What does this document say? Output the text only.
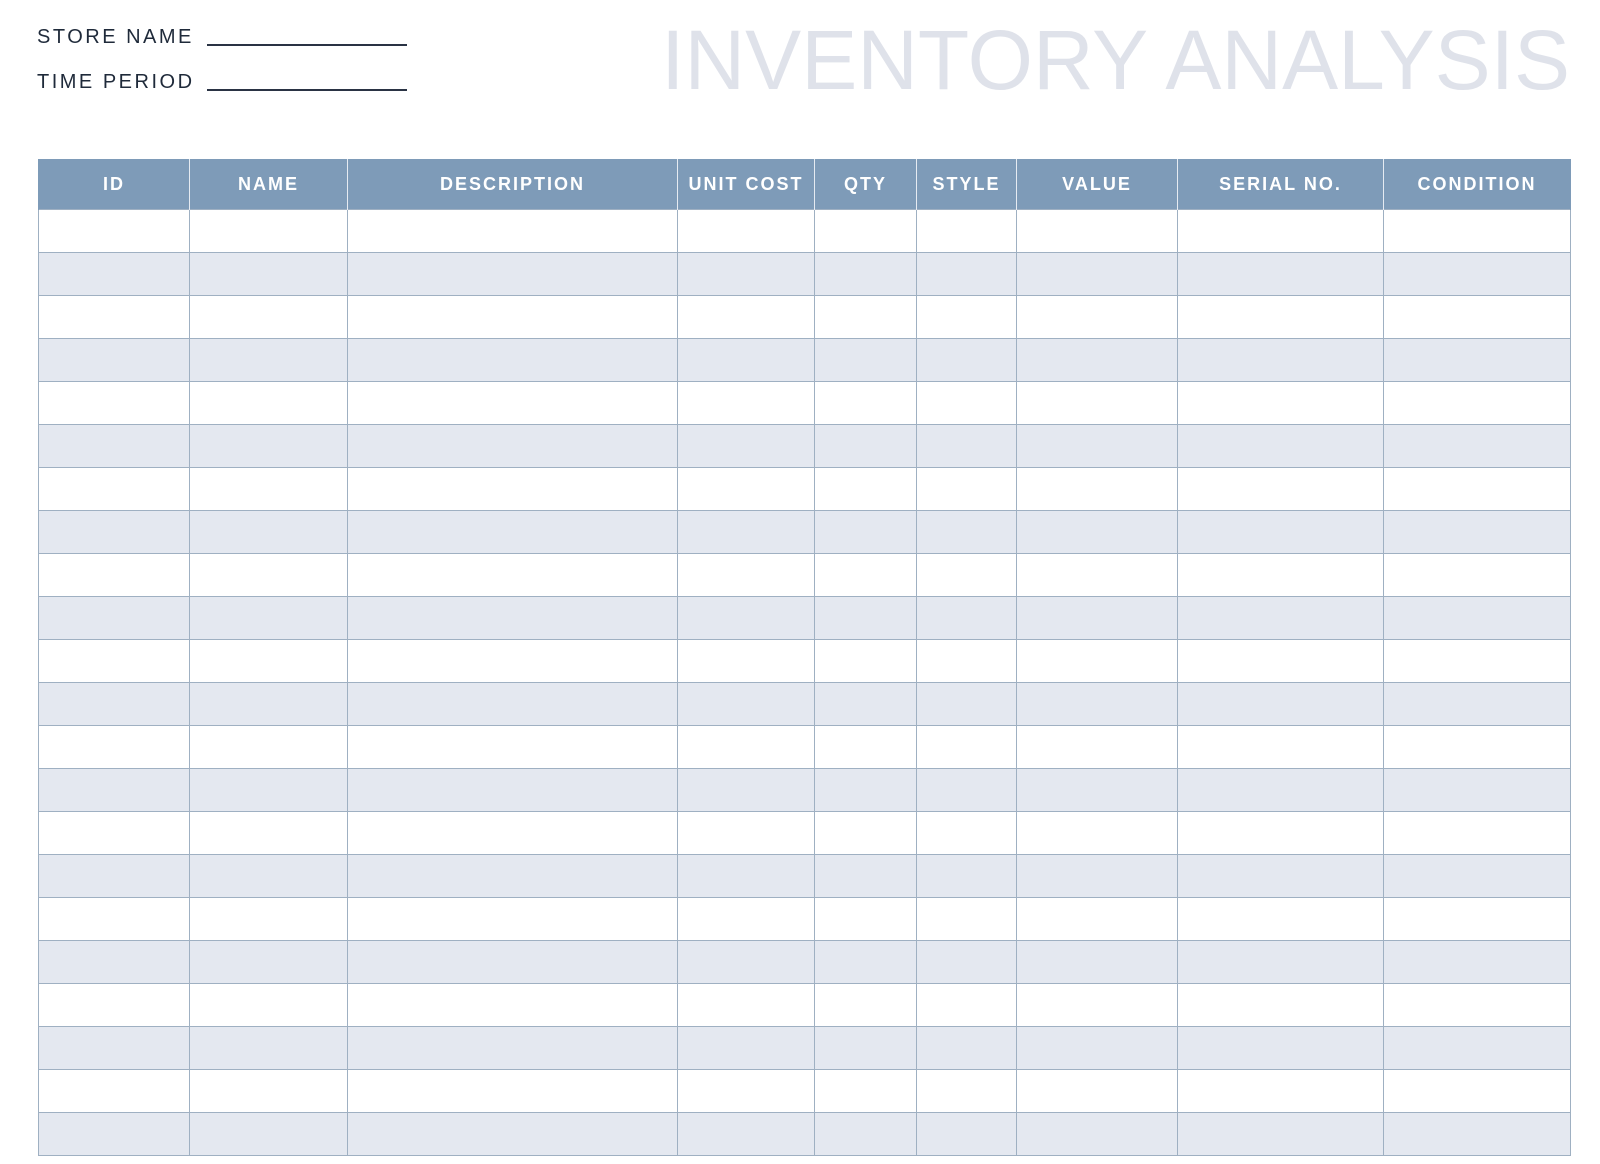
STORE NAME
TIME PERIOD	INVENTORY ANALYSIS
ID	NAME	DESCRIPTION	UNIT COST	QTY	STYLE	VALUE	SERIAL NO.	CONDITION
